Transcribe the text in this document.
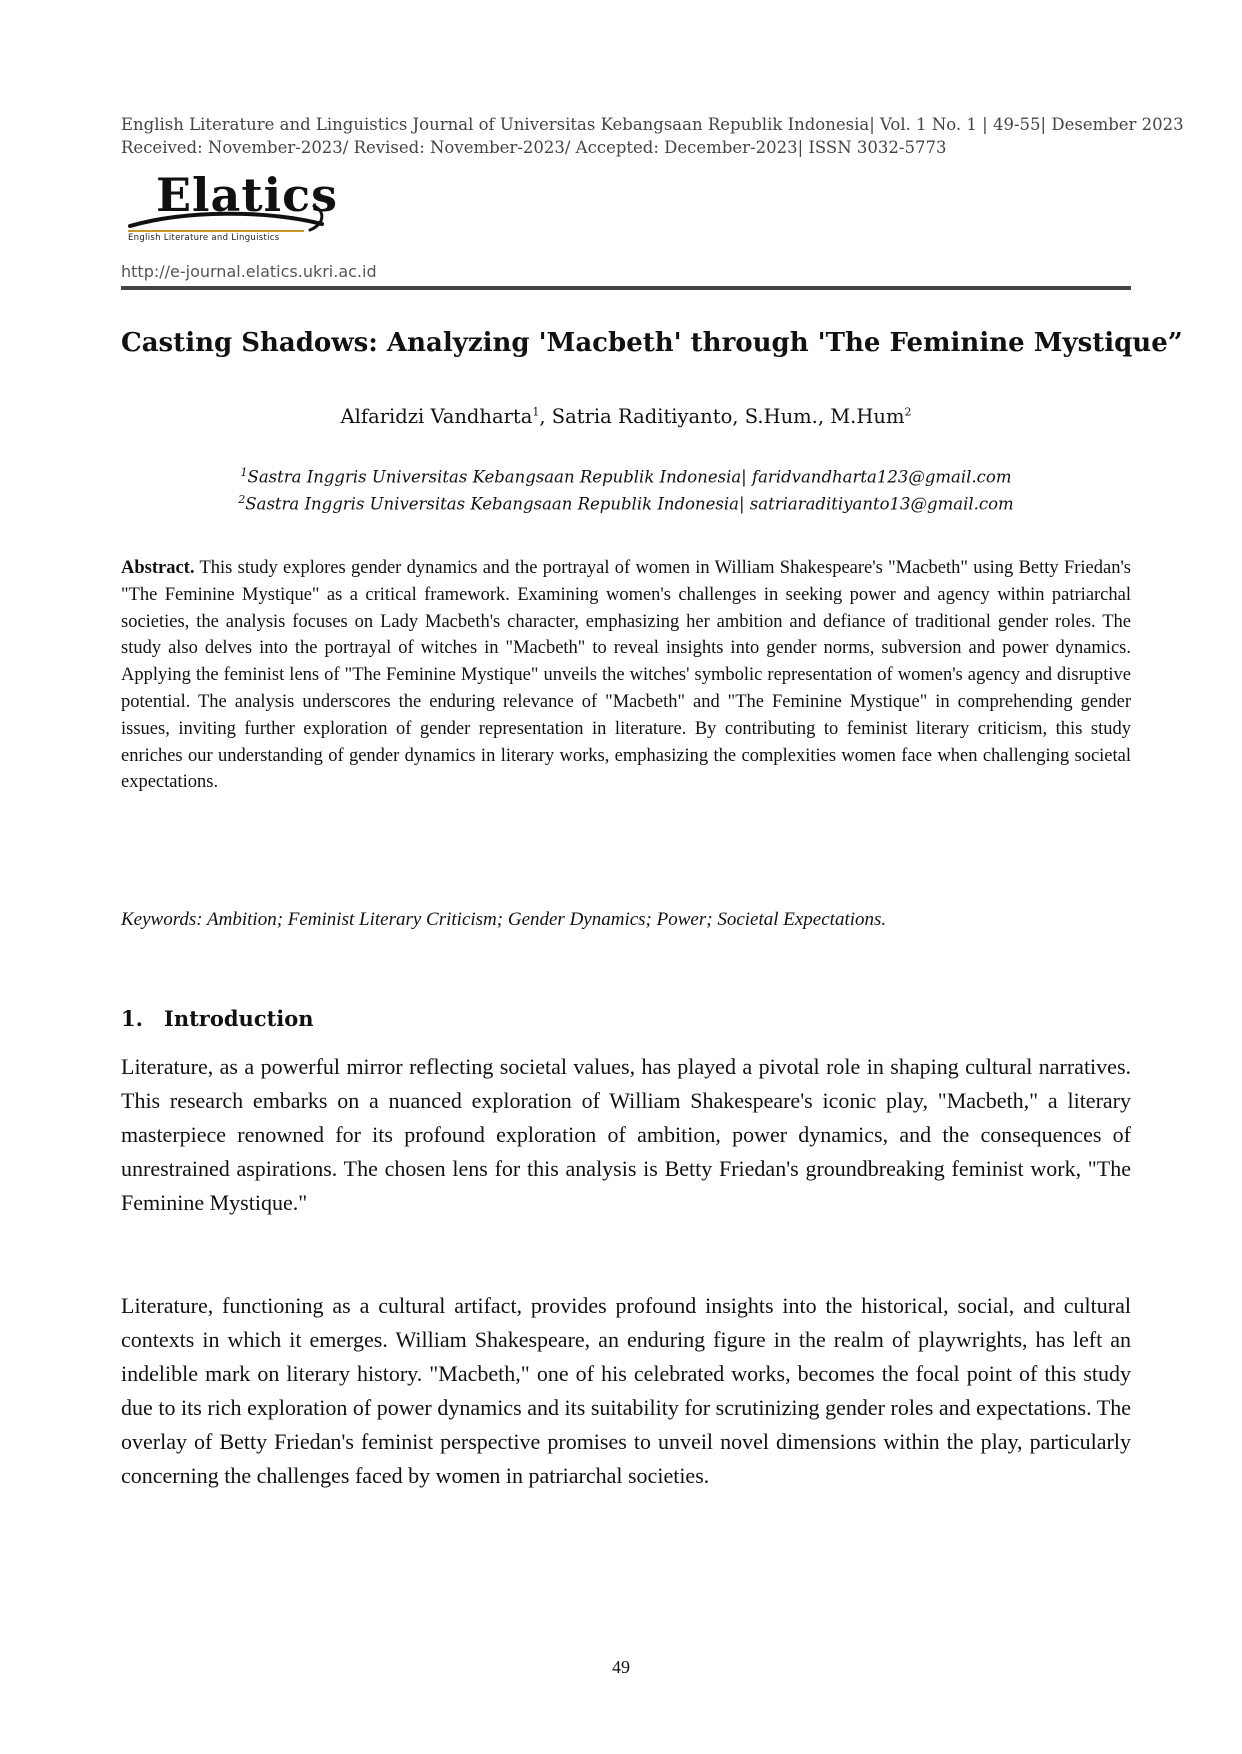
English Literature and Linguistics Journal of Universitas Kebangsaan Republik Indonesia| Vol. 1 No. 1 | 49-55| Desember 2023
Received: November-2023/ Revised: November-2023/ Accepted: December-2023| ISSN 3032-5773
Elatics
English Literature and Linguistics
http://e-journal.elatics.ukri.ac.id
Casting Shadows: Analyzing 'Macbeth' through 'The Feminine Mystique”
Alfaridzi Vandharta$^1$, Satria Raditiyanto, S.Hum., M.Hum$^2$
$^1$Sastra Inggris Universitas Kebangsaan Republik Indonesia| faridvandharta123@gmail.com
$^2$Sastra Inggris Universitas Kebangsaan Republik Indonesia| satriaraditiyanto13@gmail.com
Abstract. This study explores gender dynamics and the portrayal of women in William Shakespeare's "Macbeth" using Betty Friedan's "The Feminine Mystique" as a critical framework. Examining women's challenges in seeking power and agency within patriarchal societies, the analysis focuses on Lady Macbeth's character, emphasizing her ambition and defiance of traditional gender roles. The study also delves into the portrayal of witches in "Macbeth" to reveal insights into gender norms, subversion and power dynamics. Applying the feminist lens of "The Feminine Mystique" unveils the witches' symbolic representation of women's agency and disruptive potential. The analysis underscores the enduring relevance of "Macbeth" and "The Feminine Mystique" in comprehending gender issues, inviting further exploration of gender representation in literature. By contributing to feminist literary criticism, this study enriches our understanding of gender dynamics in literary works, emphasizing the complexities women face when challenging societal expectations.
Keywords: Ambition; Feminist Literary Criticism; Gender Dynamics; Power; Societal Expectations.
1. Introduction
Literature, as a powerful mirror reflecting societal values, has played a pivotal role in shaping cultural narratives. This research embarks on a nuanced exploration of William Shakespeare's iconic play, "Macbeth," a literary masterpiece renowned for its profound exploration of ambition, power dynamics, and the consequences of unrestrained aspirations. The chosen lens for this analysis is Betty Friedan's groundbreaking feminist work, "The Feminine Mystique."
Literature, functioning as a cultural artifact, provides profound insights into the historical, social, and cultural contexts in which it emerges. William Shakespeare, an enduring figure in the realm of playwrights, has left an indelible mark on literary history. "Macbeth," one of his celebrated works, becomes the focal point of this study due to its rich exploration of power dynamics and its suitability for scrutinizing gender roles and expectations. The overlay of Betty Friedan's feminist perspective promises to unveil novel dimensions within the play, particularly concerning the challenges faced by women in patriarchal societies.
49
